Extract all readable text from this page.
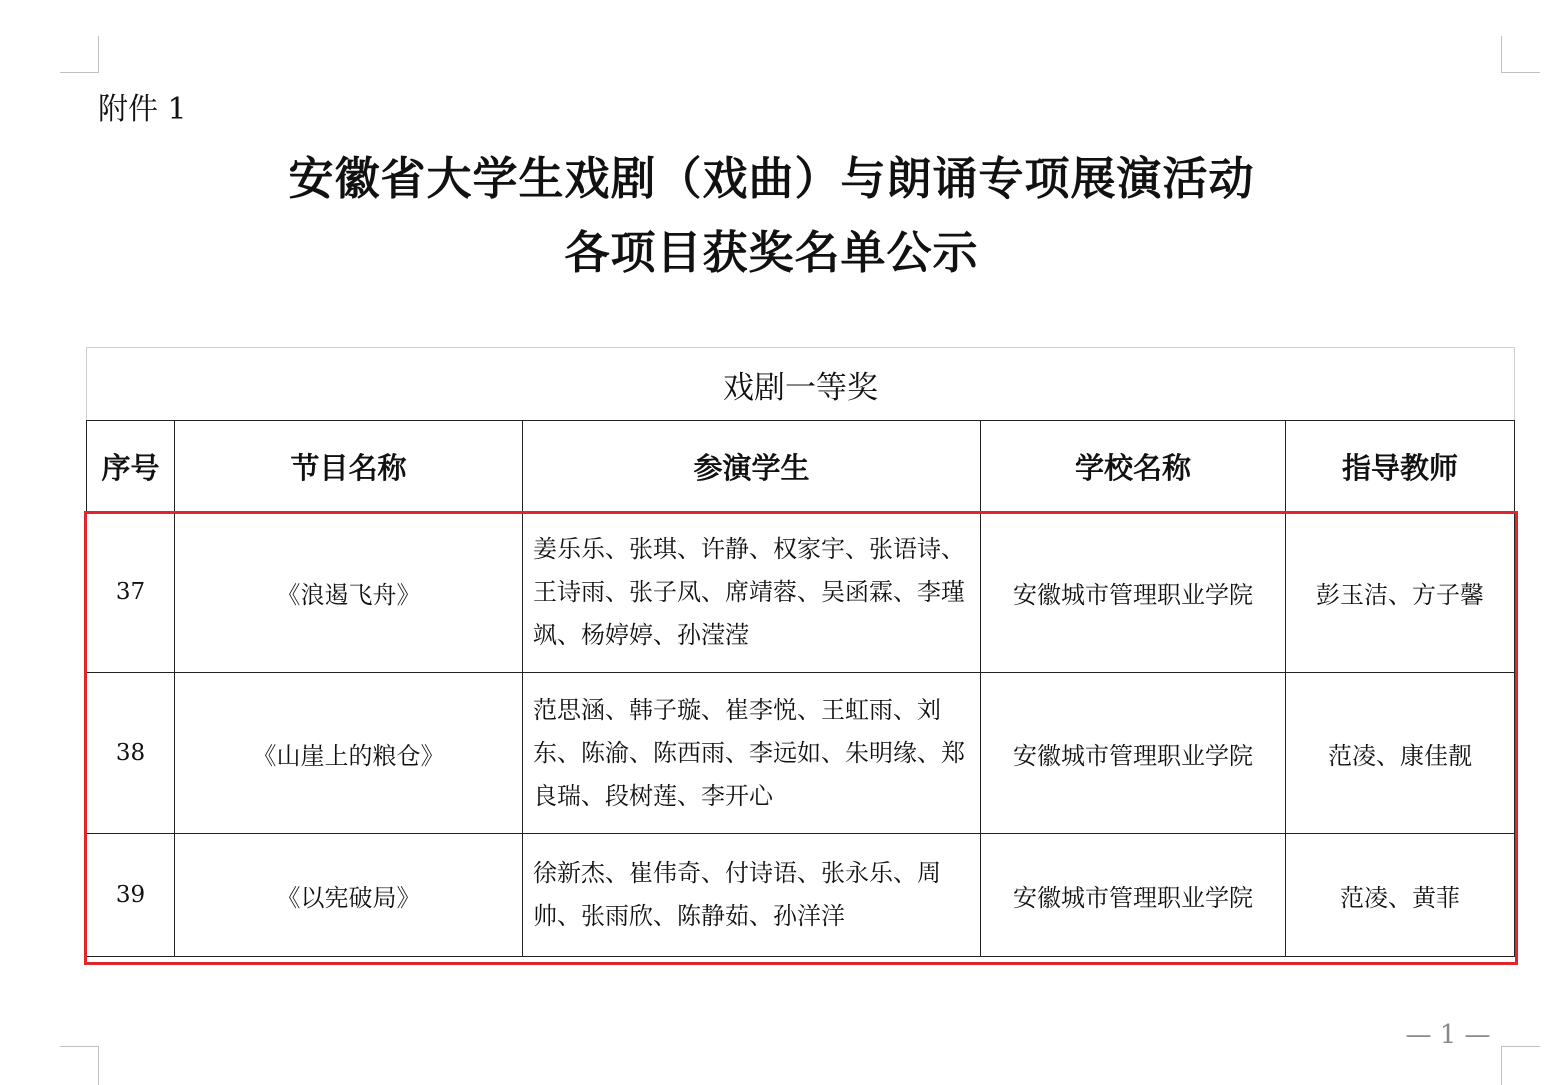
附件 1
安徽省大学生戏剧（戏曲）与朗诵专项展演活动
各项目获奖名单公示
戏剧一等奖				
序号	节目名称	参演学生	学校名称	指导教师
37	《浪遏飞舟》	姜乐乐、张琪、许静、权家宇、张语诗、王诗雨、张子凤、席靖蓉、吴函霖、李瑾飒、杨婷婷、孙滢滢	安徽城市管理职业学院	彭玉洁、方子馨
38	《山崖上的粮仓》	范思涵、韩子璇、崔李悦、王虹雨、刘东、陈渝、陈西雨、李远如、朱明缘、郑良瑞、段树莲、李开心	安徽城市管理职业学院	范凌、康佳靓
39	《以宪破局》	徐新杰、崔伟奇、付诗语、张永乐、周帅、张雨欣、陈静茹、孙洋洋	安徽城市管理职业学院	范凌、黄菲
— 1 —
